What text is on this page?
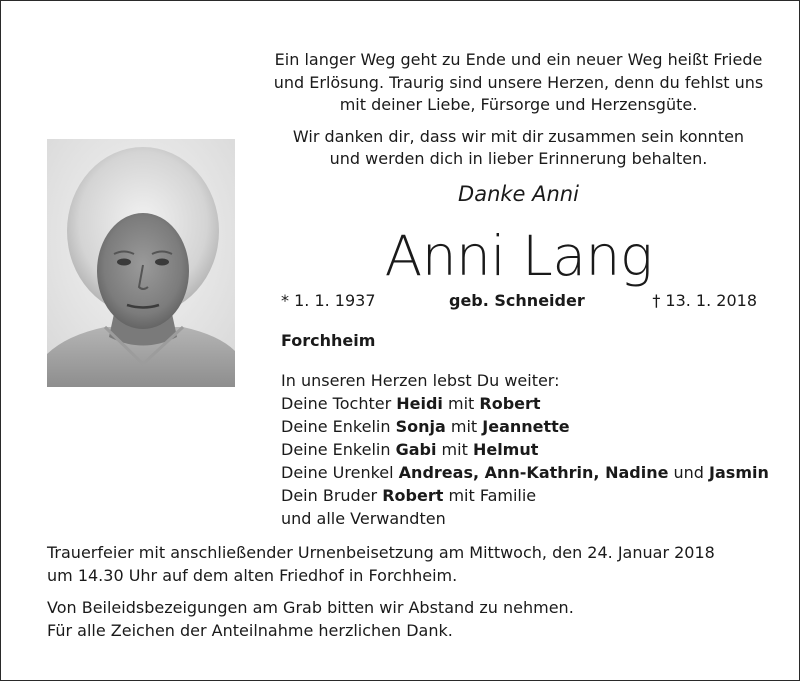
Ein langer Weg geht zu Ende und ein neuer Weg heißt Friede
und Erlösung. Traurig sind unsere Herzen, denn du fehlst uns
mit deiner Liebe, Fürsorge und Herzensgüte.

Wir danken dir, dass wir mit dir zusammen sein konnten
und werden dich in lieber Erinnerung behalten.

Danke Anni
Anni Lang
* 1. 1. 1937	geb. Schneider	† 13. 1. 2018
Forchheim
In unseren Herzen lebst Du weiter:
Deine Tochter Heidi mit Robert
Deine Enkelin Sonja mit Jeannette
Deine Enkelin Gabi mit Helmut
Deine Urenkel Andreas, Ann-Kathrin, Nadine und Jasmin
Dein Bruder Robert mit Familie
und alle Verwandten

Trauerfeier mit anschließender Urnenbeisetzung am Mittwoch, den 24. Januar 2018
um 14.30 Uhr auf dem alten Friedhof in Forchheim.

Von Beileidsbezeigungen am Grab bitten wir Abstand zu nehmen.
Für alle Zeichen der Anteilnahme herzlichen Dank.
